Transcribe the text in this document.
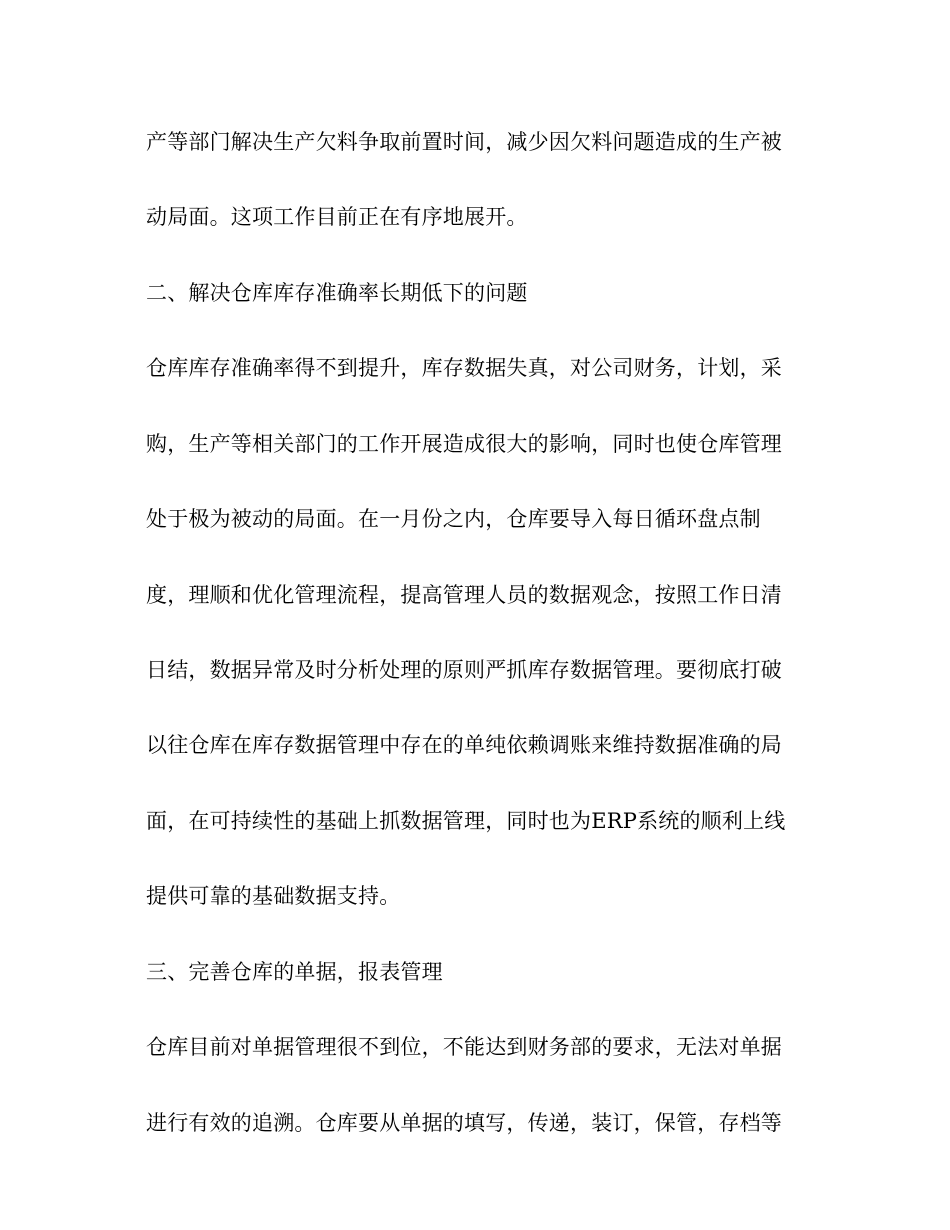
产等部门解决生产欠料争取前置时间，减少因欠料问题造成的生产被
动局面。这项工作目前正在有序地展开。
二、解决仓库库存准确率长期低下的问题
仓库库存准确率得不到提升，库存数据失真，对公司财务，计划，采
购，生产等相关部门的工作开展造成很大的影响，同时也使仓库管理
处于极为被动的局面。在一月份之内，仓库要导入每日循环盘点制
度，理顺和优化管理流程，提高管理人员的数据观念，按照工作日清
日结，数据异常及时分析处理的原则严抓库存数据管理。要彻底打破
以往仓库在库存数据管理中存在的单纯依赖调账来维持数据准确的局
面，在可持续性的基础上抓数据管理，同时也为ERP系统的顺利上线
提供可靠的基础数据支持。
三、完善仓库的单据，报表管理
仓库目前对单据管理很不到位，不能达到财务部的要求，无法对单据
进行有效的追溯。仓库要从单据的填写，传递，装订，保管，存档等
